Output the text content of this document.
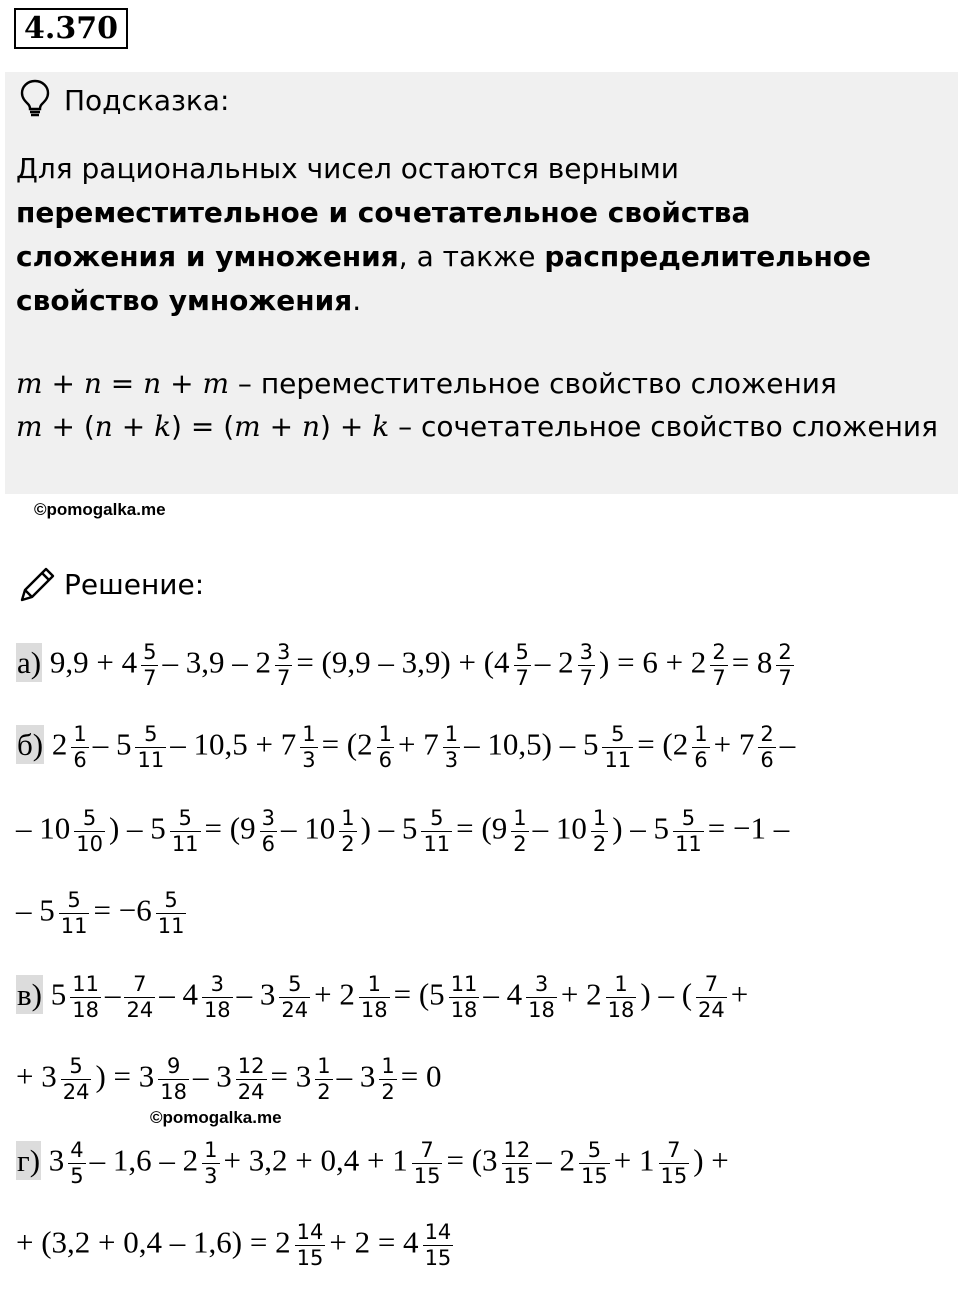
4.370
Подсказка:
Для рациональных чисел остаются верными переместительное и сочетательное свойства сложения и умножения, а также распределительное свойство умножения.
m + n = n + m – переместительное свойство сложения
m + (n + k) = (m + n) + k – сочетательное свойство сложения
©pomogalka.me
Решение:
а) $9,9 + 4 \frac{5}{7} - 3,9 - 2 \frac{3}{7} = (9,9 - 3,9) + (4 \frac{5}{7} - 2 \frac{3}{7}$ ) = $6 + 2 \frac{2}{7} = 8 \frac{2}{7}$
б) $2 \frac{1}{6} - 5 \frac{5}{11} - 10,5 + 7 \frac{1}{3} = (2 \frac{1}{6} + 7 \frac{1}{3} - 10,5) - 5 \frac{5}{11} = (2 \frac{1}{6} + 7 \frac{2}{6}$ –
– $10 \frac{5}{10}$ ) – $5 \frac{5}{11} = (9 \frac{3}{6} - 10 \frac{1}{2}$ ) – $5 \frac{5}{11} = (9 \frac{1}{2} - 10 \frac{1}{2}$ ) – $5 \frac{5}{11} = -1$ –
– $5 \frac{5}{11} = -6 \frac{5}{11}$
в) $5 \frac{11}{18} - \frac{7}{24} - 4 \frac{3}{18} - 3 \frac{5}{24} + 2 \frac{1}{18} = (5 \frac{11}{18} - 4 \frac{3}{18} + 2 \frac{1}{18}$ ) – ( $\frac{7}{24}$ +
+ $3 \frac{5}{24}$ ) = $3 \frac{9}{18} - 3 \frac{12}{24} = 3 \frac{1}{2} - 3 \frac{1}{2} = 0$
г) $3 \frac{4}{5} - 1,6 - 2 \frac{1}{3} + 3,2 + 0,4 + 1 \frac{7}{15} = (3 \frac{12}{15} - 2 \frac{5}{15} + 1 \frac{7}{15}$ ) +
+ $(3,2 + 0,4 - 1,6) = 2 \frac{14}{15} + 2 = 4 \frac{14}{15}$
©pomogalka.me
